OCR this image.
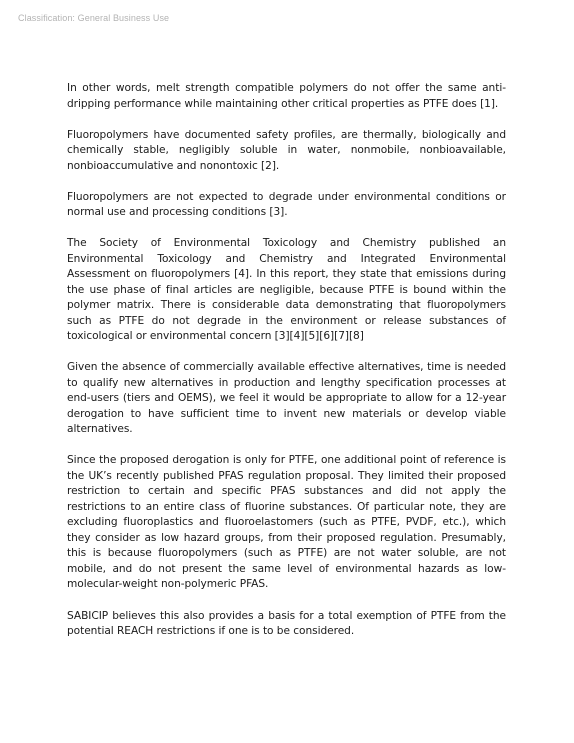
Classification: General Business Use

In other words, melt strength compatible polymers do not offer the same anti-dripping performance while maintaining other critical properties as PTFE does [1].

Fluoropolymers have documented safety profiles, are thermally, biologically and chemically stable, negligibly soluble in water, nonmobile, nonbioavailable, nonbioaccumulative and nonontoxic [2].

Fluoropolymers are not expected to degrade under environmental conditions or normal use and processing conditions [3].

The Society of Environmental Toxicology and Chemistry published an Environmental Toxicology and Chemistry and Integrated Environmental Assessment on fluoropolymers [4]. In this report, they state that emissions during the use phase of final articles are negligible, because PTFE is bound within the polymer matrix. There is considerable data demonstrating that fluoropolymers such as PTFE do not degrade in the environment or release substances of toxicological or environmental concern [3][4][5][6][7][8]

Given the absence of commercially available effective alternatives, time is needed to qualify new alternatives in production and lengthy specification processes at end-users (tiers and OEMS), we feel it would be appropriate to allow for a 12-year derogation to have sufficient time to invent new materials or develop viable alternatives.

Since the proposed derogation is only for PTFE, one additional point of reference is the UK’s recently published PFAS regulation proposal. They limited their proposed restriction to certain and specific PFAS substances and did not apply the restrictions to an entire class of fluorine substances. Of particular note, they are excluding fluoroplastics and fluoroelastomers (such as PTFE, PVDF, etc.), which they consider as low hazard groups, from their proposed regulation. Presumably, this is because fluoropolymers (such as PTFE) are not water soluble, are not mobile, and do not present the same level of environmental hazards as low-molecular-weight non-polymeric PFAS.

SABICIP believes this also provides a basis for a total exemption of PTFE from the potential REACH restrictions if one is to be considered.
